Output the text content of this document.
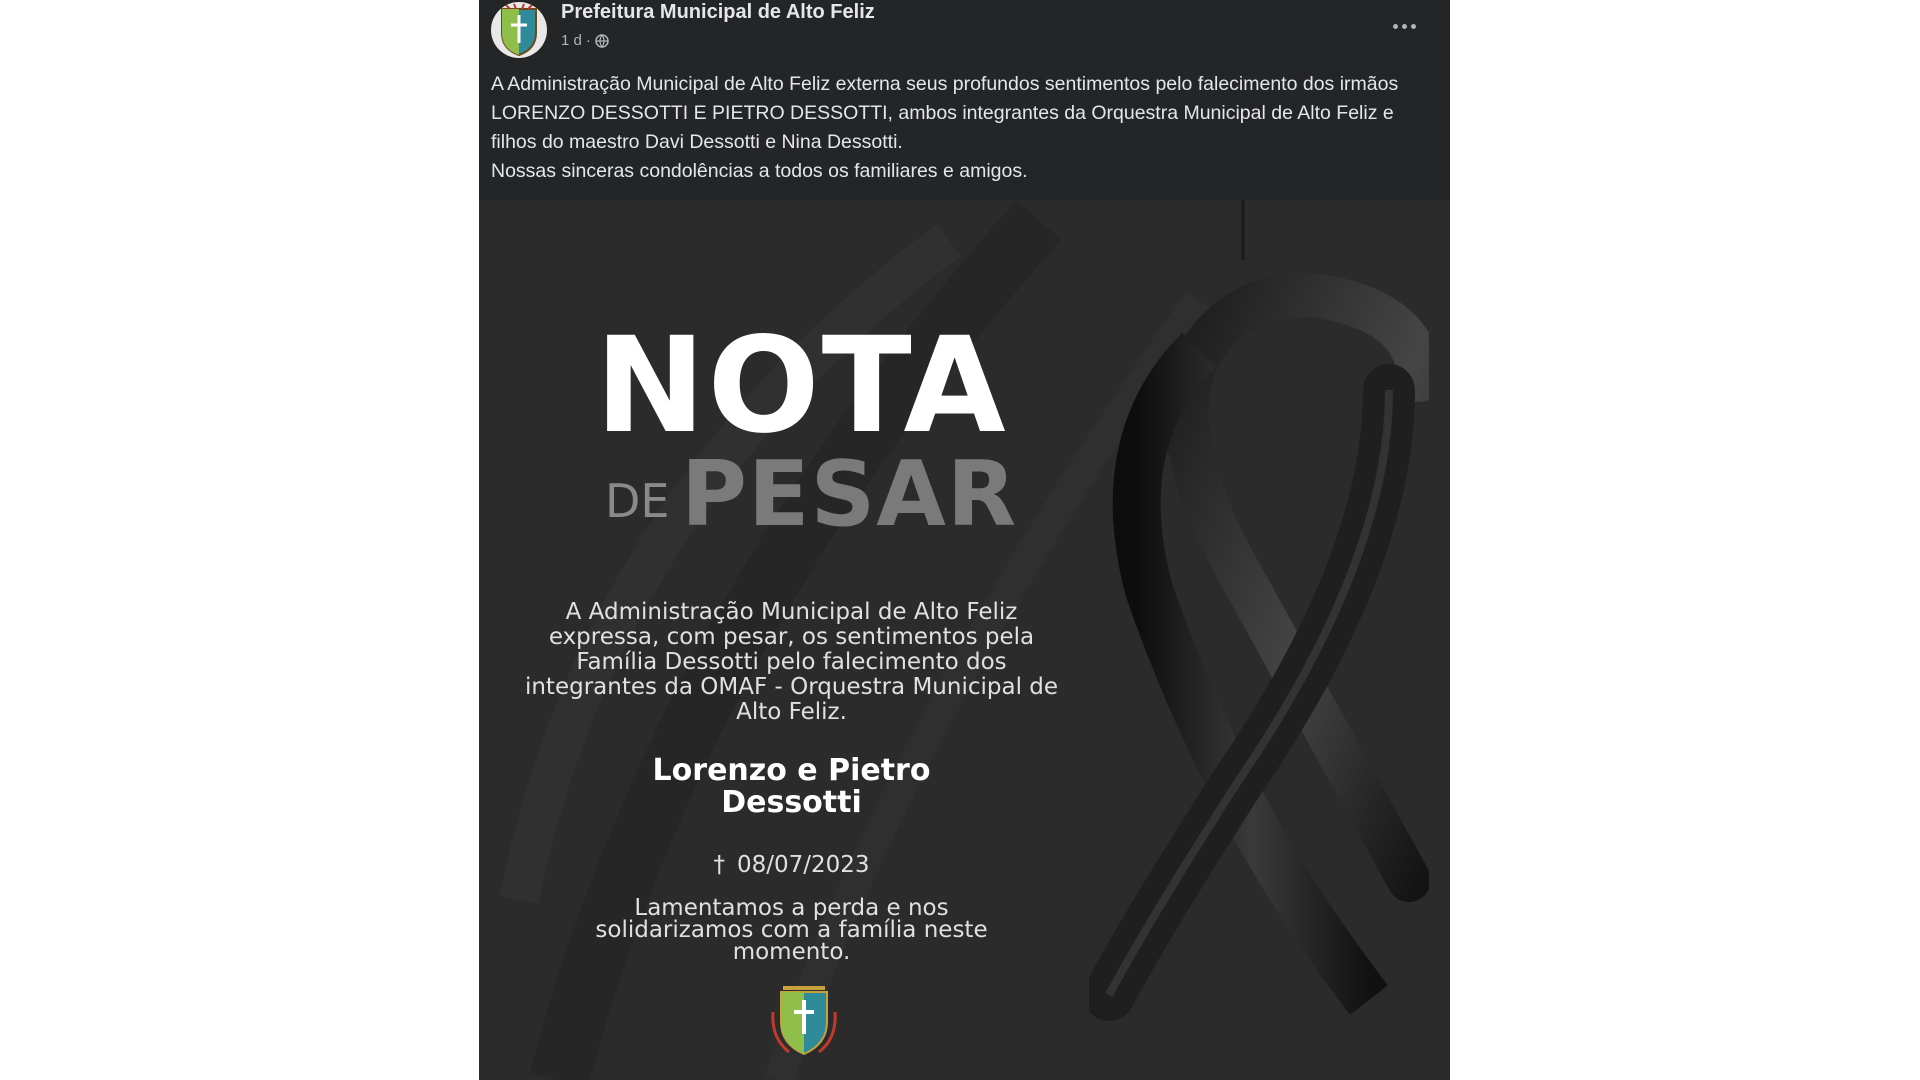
Prefeitura Municipal de Alto Feliz
1 d ·

A Administração Municipal de Alto Feliz externa seus profundos sentimentos pelo falecimento dos irmãos LORENZO DESSOTTI E PIETRO DESSOTTI, ambos integrantes da Orquestra Municipal de Alto Feliz e filhos do maestro Davi Dessotti e Nina Dessotti.

Nossas sinceras condolências a todos os familiares e amigos.

NOTA
DE PESAR
A Administração Municipal de Alto Feliz expressa, com pesar, os sentimentos pela Família Dessotti pelo falecimento dos integrantes da OMAF - Orquestra Municipal de Alto Feliz.
Lorenzo e Pietro Dessotti
† 08/07/2023
Lamentamos a perda e nos solidarizamos com a família neste momento.
